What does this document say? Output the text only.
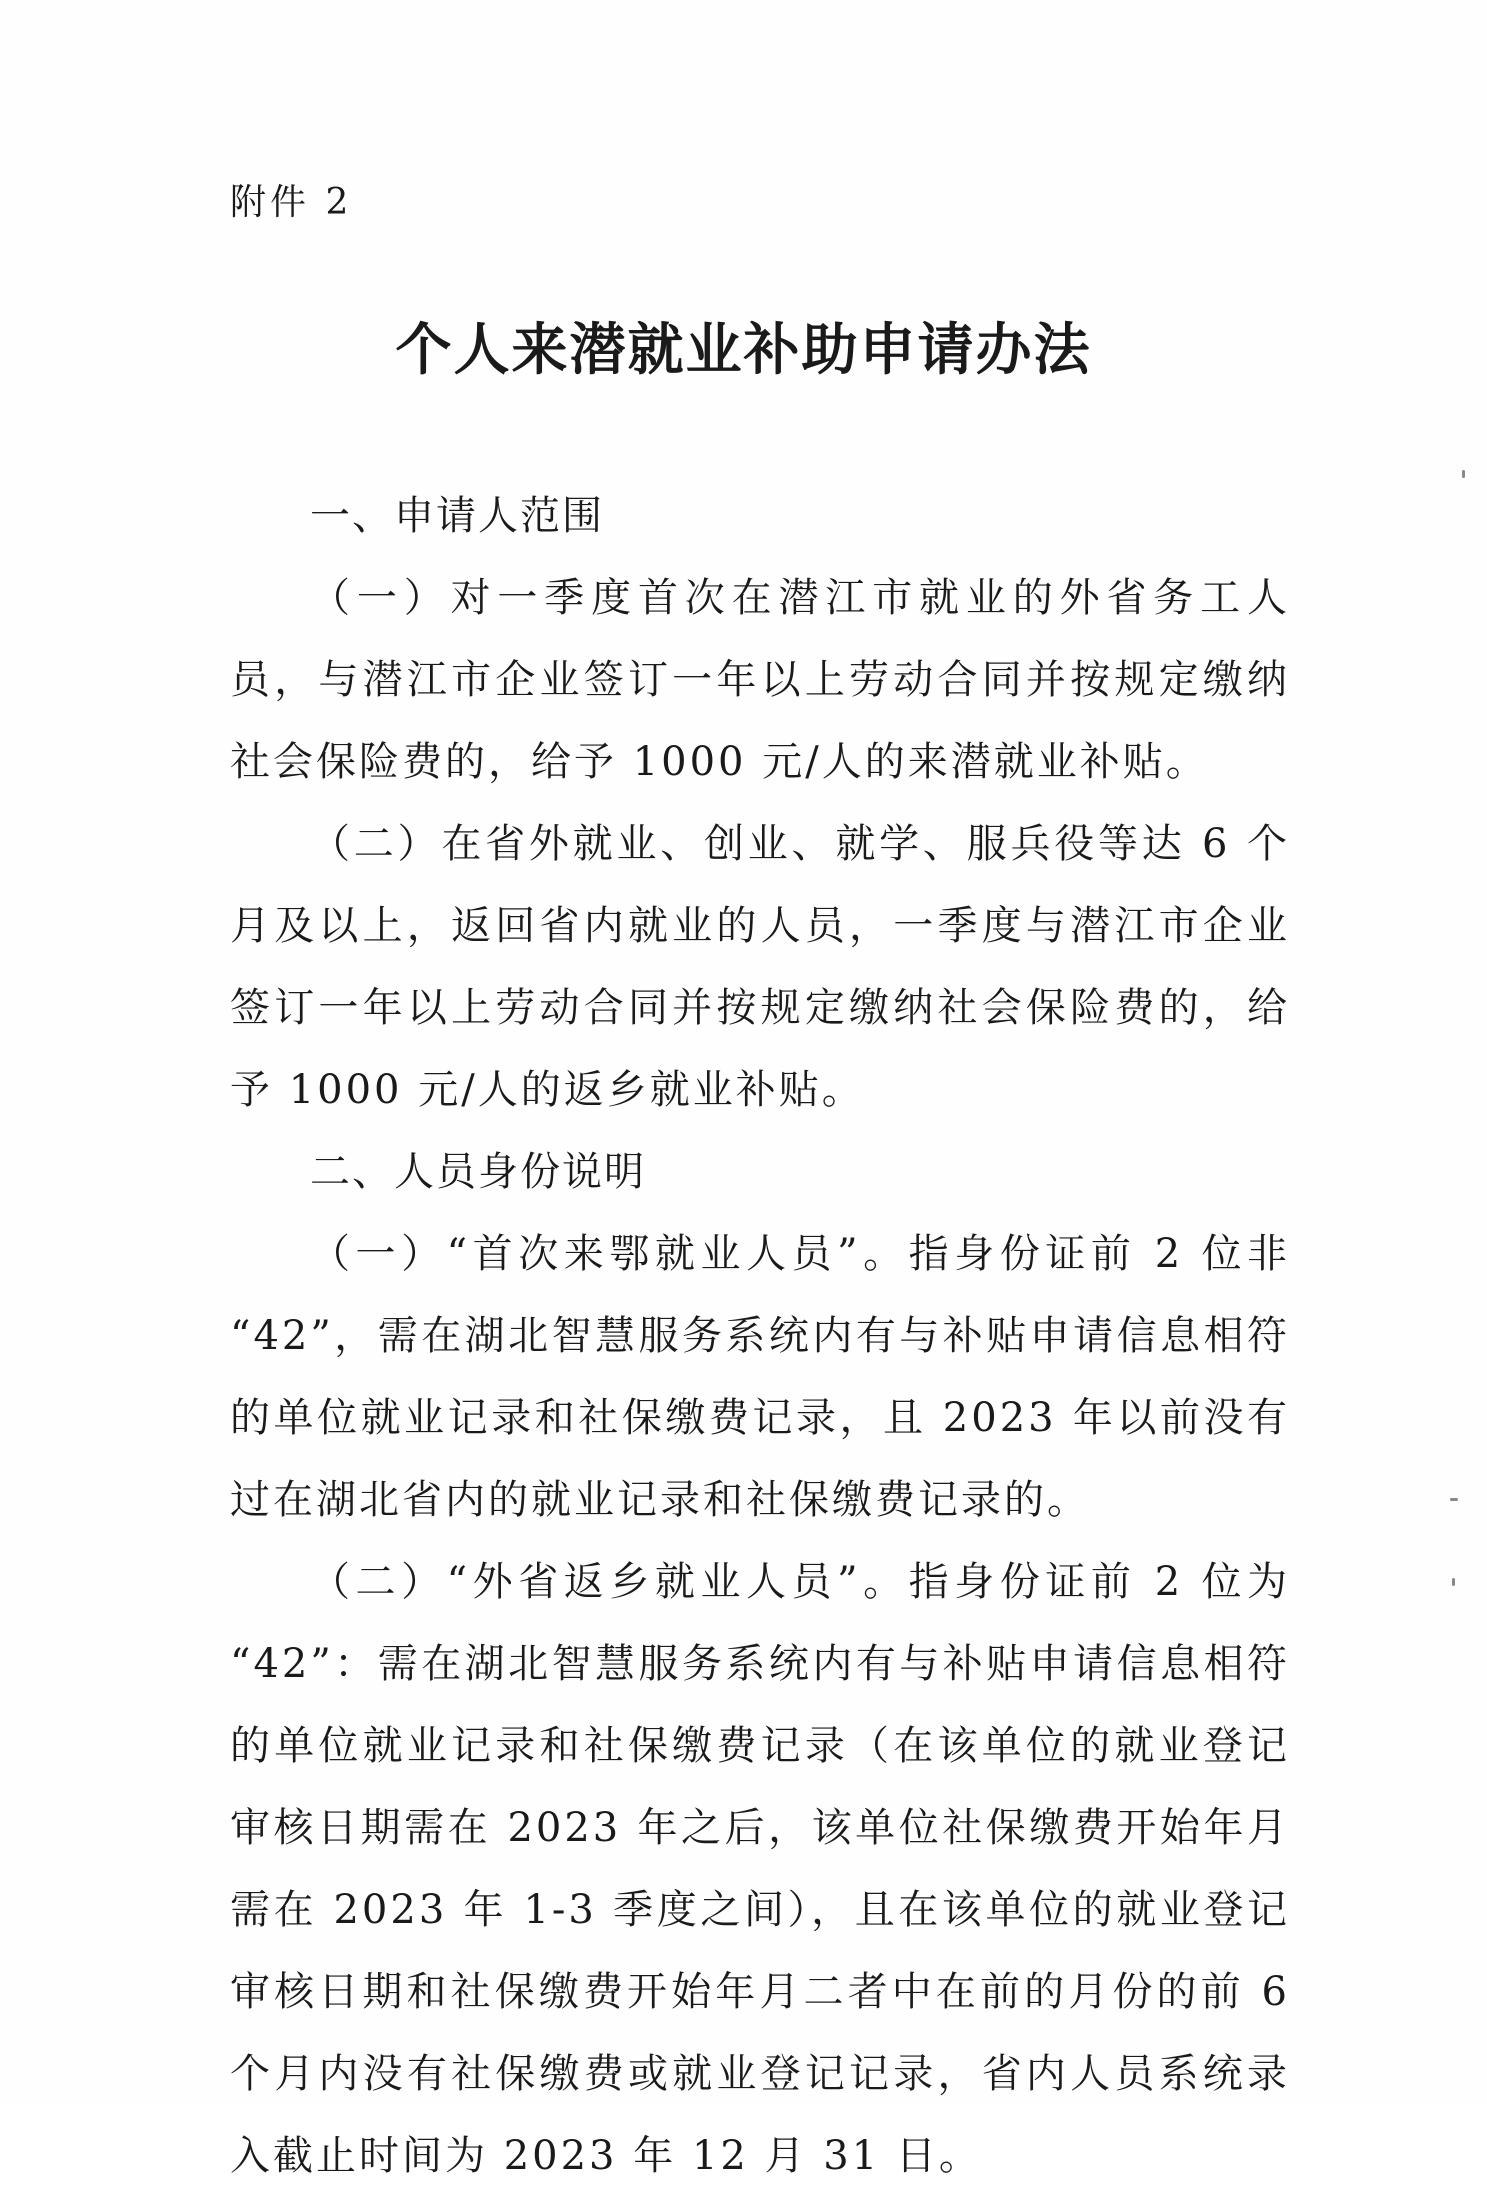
附件 2
个人来潜就业补助申请办法

一、申请人范围

（一）对一季度首次在潜江市就业的外省务工人员，与潜江市企业签订一年以上劳动合同并按规定缴纳社会保险费的，给予 1000 元/人的来潜就业补贴。

（二）在省外就业、创业、就学、服兵役等达 6 个月及以上，返回省内就业的人员，一季度与潜江市企业签订一年以上劳动合同并按规定缴纳社会保险费的，给予 1000 元/人的返乡就业补贴。

二、人员身份说明

（一）“首次来鄂就业人员”。指身份证前 2 位非 “42”，需在湖北智慧服务系统内有与补贴申请信息相符的单位就业记录和社保缴费记录，且 2023 年以前没有过在湖北省内的就业记录和社保缴费记录的。

（二）“外省返乡就业人员”。指身份证前 2 位为 “42”：需在湖北智慧服务系统内有与补贴申请信息相符的单位就业记录和社保缴费记录（在该单位的就业登记审核日期需在 2023 年之后，该单位社保缴费开始年月需在 2023 年 1-3 季度之间），且在该单位的就业登记审核日期和社保缴费开始年月二者中在前的月份的前 6 个月内没有社保缴费或就业登记记录，省内人员系统录入截止时间为 2023 年 12 月 31 日。
